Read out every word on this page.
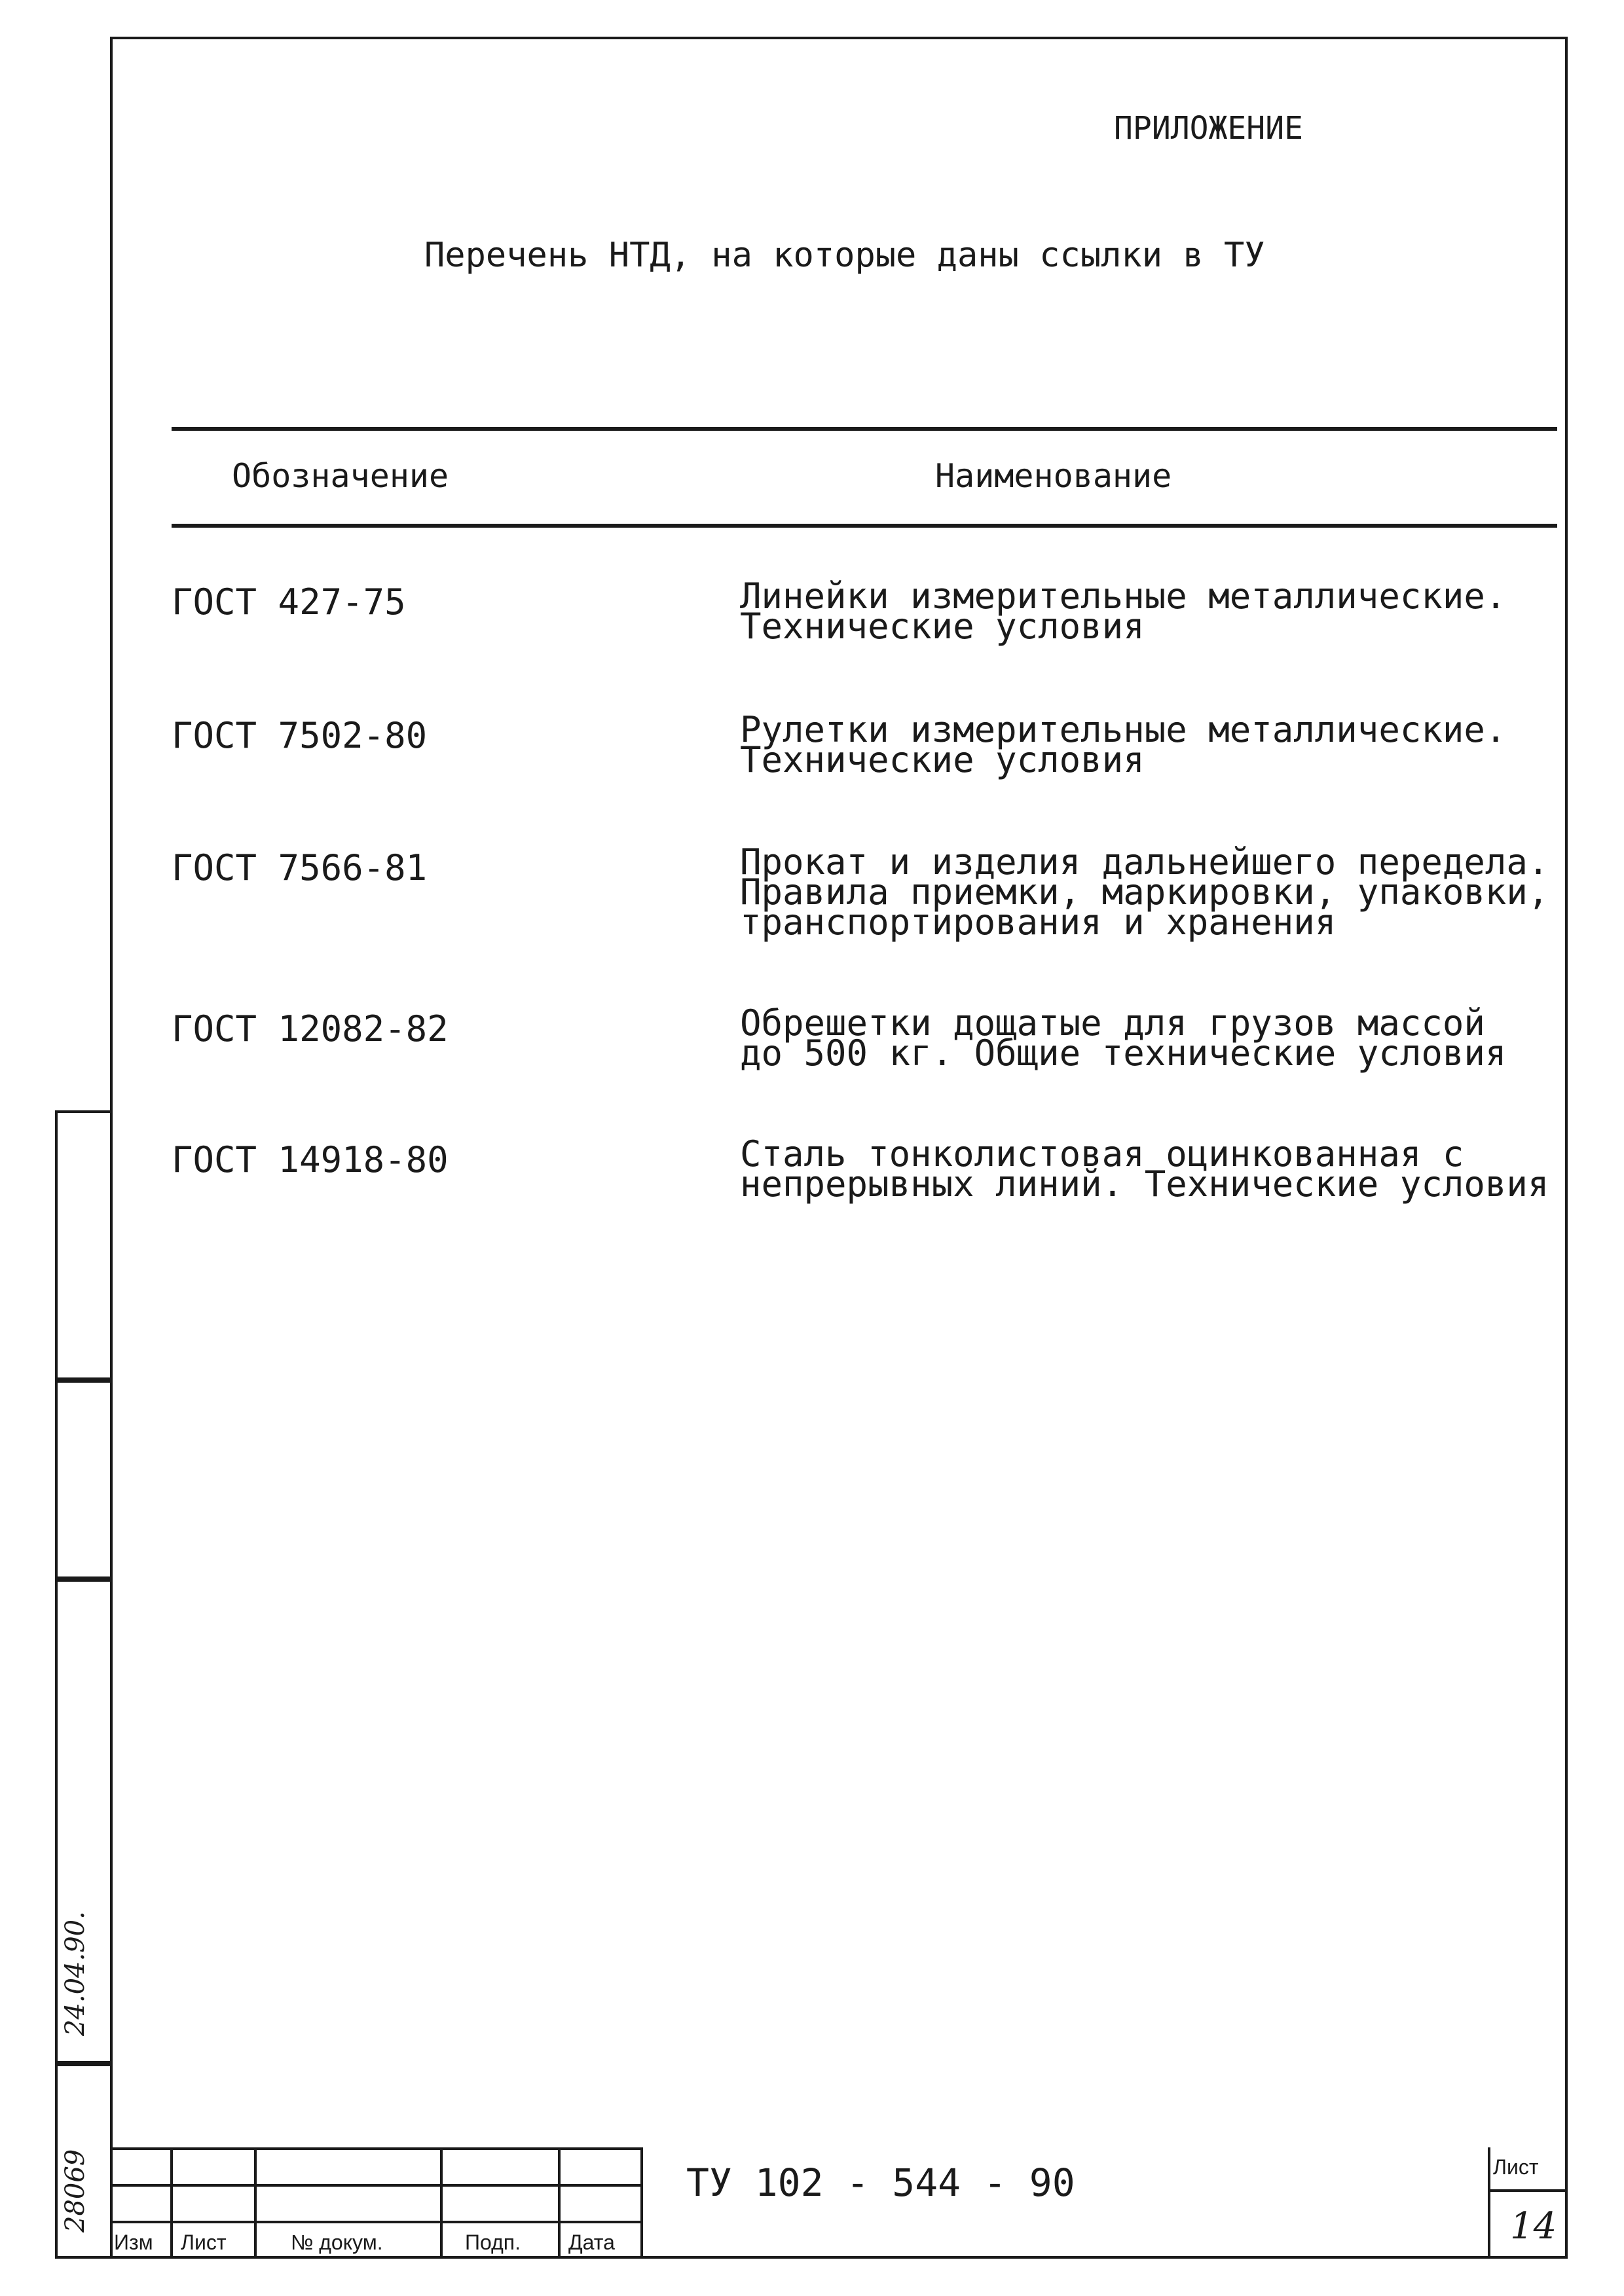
ПРИЛОЖЕНИЕ
Перечень НТД, на которые даны ссылки в ТУ
Обозначение	Наименование
ГОСТ 427-75	Линейки измерительные металлические.
Технические условия
ГОСТ 7502-80	Рулетки измерительные металлические.
Технические условия
ГОСТ 7566-81	Прокат и изделия дальнейшего передела.
Правила приемки, маркировки, упаковки,
транспортирования и хранения
ГОСТ 12082-82	Обрешетки дощатые для грузов массой
до 500 кг. Общие технические условия
ГОСТ 14918-80	Сталь тонколистовая оцинкованная с
непрерывных линий. Технические условия
24.04.90.
28069
Изм Лист	№ докум.	Подп. Дата
ТУ 102 - 544 - 90	Лист
14
